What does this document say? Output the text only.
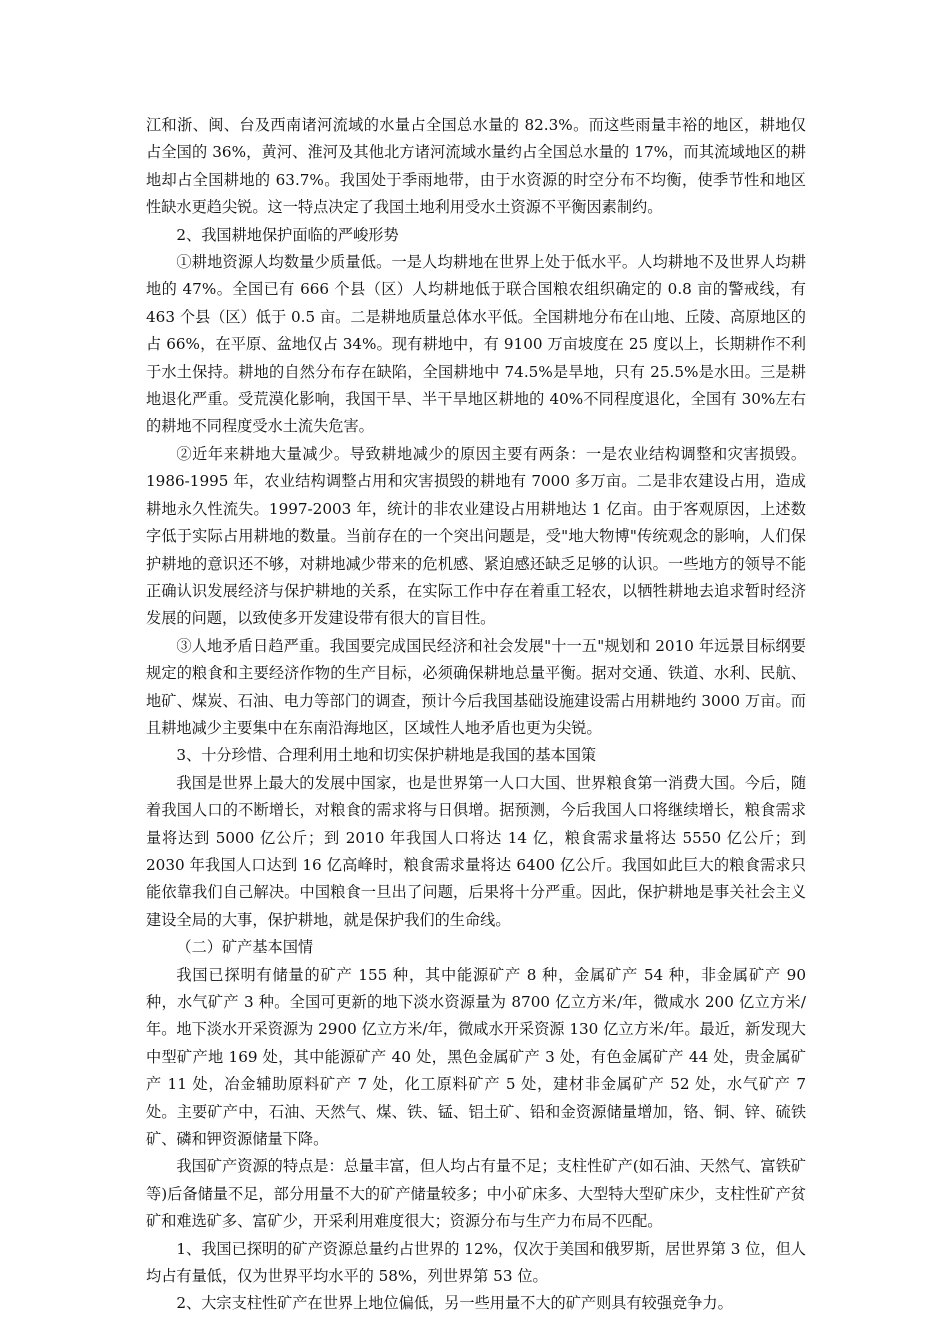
江和浙、闽、台及西南诸河流域的水量占全国总水量的 82.3%。而这些雨量丰裕的地区，耕地仅占全国的 36%，黄河、淮河及其他北方诸河流域水量约占全国总水量的 17%，而其流域地区的耕地却占全国耕地的 63.7%。我国处于季雨地带，由于水资源的时空分布不均衡，使季节性和地区性缺水更趋尖锐。这一特点决定了我国土地利用受水土资源不平衡因素制约。

2、我国耕地保护面临的严峻形势

①耕地资源人均数量少质量低。一是人均耕地在世界上处于低水平。人均耕地不及世界人均耕地的 47%。全国已有 666 个县（区）人均耕地低于联合国粮农组织确定的 0.8 亩的警戒线，有 463 个县（区）低于 0.5 亩。二是耕地质量总体水平低。全国耕地分布在山地、丘陵、高原地区的占 66%，在平原、盆地仅占 34%。现有耕地中，有 9100 万亩坡度在 25 度以上，长期耕作不利于水土保持。耕地的自然分布存在缺陷，全国耕地中 74.5%是旱地，只有 25.5%是水田。三是耕地退化严重。受荒漠化影响，我国干旱、半干旱地区耕地的 40%不同程度退化，全国有 30%左右的耕地不同程度受水土流失危害。

②近年来耕地大量减少。导致耕地减少的原因主要有两条：一是农业结构调整和灾害损毁。1986-1995 年，农业结构调整占用和灾害损毁的耕地有 7000 多万亩。二是非农建设占用，造成耕地永久性流失。1997-2003 年，统计的非农业建设占用耕地达 1 亿亩。由于客观原因，上述数字低于实际占用耕地的数量。当前存在的一个突出问题是，受"地大物博"传统观念的影响，人们保护耕地的意识还不够，对耕地减少带来的危机感、紧迫感还缺乏足够的认识。一些地方的领导不能正确认识发展经济与保护耕地的关系，在实际工作中存在着重工轻农，以牺牲耕地去追求暂时经济发展的问题，以致使多开发建设带有很大的盲目性。

③人地矛盾日趋严重。我国要完成国民经济和社会发展"十一五"规划和 2010 年远景目标纲要规定的粮食和主要经济作物的生产目标，必须确保耕地总量平衡。据对交通、铁道、水利、民航、地矿、煤炭、石油、电力等部门的调查，预计今后我国基础设施建设需占用耕地约 3000 万亩。而且耕地减少主要集中在东南沿海地区，区域性人地矛盾也更为尖锐。

3、十分珍惜、合理利用土地和切实保护耕地是我国的基本国策

我国是世界上最大的发展中国家，也是世界第一人口大国、世界粮食第一消费大国。今后，随着我国人口的不断增长，对粮食的需求将与日俱增。据预测，今后我国人口将继续增长，粮食需求量将达到 5000 亿公斤；到 2010 年我国人口将达 14 亿，粮食需求量将达 5550 亿公斤；到 2030 年我国人口达到 16 亿高峰时，粮食需求量将达 6400 亿公斤。我国如此巨大的粮食需求只能依靠我们自己解决。中国粮食一旦出了问题，后果将十分严重。因此，保护耕地是事关社会主义建设全局的大事，保护耕地，就是保护我们的生命线。

（二）矿产基本国情

我国已探明有储量的矿产 155 种，其中能源矿产 8 种，金属矿产 54 种，非金属矿产 90 种，水气矿产 3 种。全国可更新的地下淡水资源量为 8700 亿立方米/年，微咸水 200 亿立方米/年。地下淡水开采资源为 2900 亿立方米/年，微咸水开采资源 130 亿立方米/年。最近，新发现大中型矿产地 169 处，其中能源矿产 40 处，黑色金属矿产 3 处，有色金属矿产 44 处，贵金属矿产 11 处，冶金辅助原料矿产 7 处，化工原料矿产 5 处，建材非金属矿产 52 处，水气矿产 7 处。主要矿产中，石油、天然气、煤、铁、锰、铝土矿、铅和金资源储量增加，铬、铜、锌、硫铁矿、磷和钾资源储量下降。

我国矿产资源的特点是：总量丰富，但人均占有量不足；支柱性矿产(如石油、天然气、富铁矿等)后备储量不足，部分用量不大的矿产储量较多；中小矿床多、大型特大型矿床少，支柱性矿产贫矿和难选矿多、富矿少，开采利用难度很大；资源分布与生产力布局不匹配。

1、我国已探明的矿产资源总量约占世界的 12%，仅次于美国和俄罗斯，居世界第 3 位，但人均占有量低，仅为世界平均水平的 58%，列世界第 53 位。

2、大宗支柱性矿产在世界上地位偏低，另一些用量不大的矿产则具有较强竞争力。
